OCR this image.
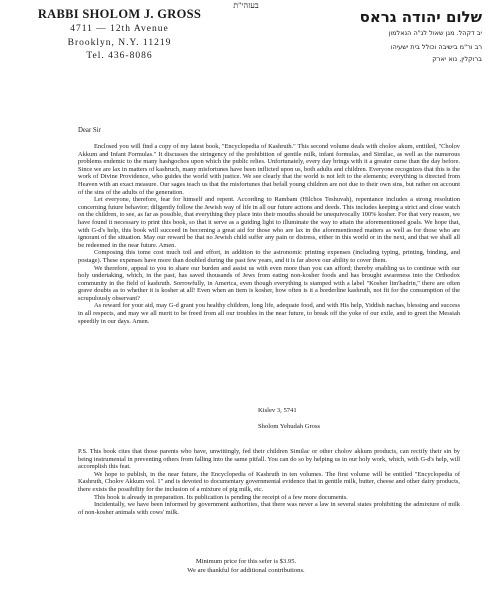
בעזהי"ת
RABBI SHOLOM J. GROSS
4711 — 12th Avenue
Brooklyn, N.Y. 11219
Tel. 436-8086
שלום יהודה גראס
יב דקהל. מגן שאול לג"ה הנאלמון
רב ור"מ בישיבה וכולל בית ישעיהו
ברוקלין, נוא יארק
Dear Sir

Enclosed you will find a copy of my latest book, "Encyclopedia of Kashruth." This second volume deals with cholov akum, entitled, "Cholov Akkum and Infant Formulas." It discusses the stringency of the prohibition of gentile milk, infant formulas, and Similac, as well as the numerous problems endemic to the many hashgochos upon which the public relies. Unfortunately, every day brings with it a greater curse than the day before. Since we are lax in matters of kashruch, many misfortunes have been inflicted upon us, both adults and children. Everyone recognizes that this is the work of Divine Providence, who guides the world with justice. We see clearly that the world is not left to the elements; everything is directed from Heaven with an exact measure. Our sages teach us that the misfortunes that befall young children are not due to their own sins, but rather on account of the sins of the adults of the generation.

Let everyone, therefore, fear for himself and repent. According to Rambam (Hilchos Teshuvah), repentance includes a strong resolution concerning future behavior; diligently follow the Jewish way of life in all our future actions and deeds. This includes keeping a strict and close watch on the children, to see, as far as possible, that everything they place into their mouths should be unequivocally 100% kosher. For that very reason, we have found it necessary to print this book, so that it serve as a guiding light to illuminate the way to attain the aforementioned goals. We hope that, with G-d's help, this book will succeed in becoming a great aid for those who are lax in the aforementioned matters as well as for those who are ignorant of the situation. May our reward be that no Jewish child suffer any pain or distress, either in this world or in the next, and that we shall all be redeemed in the near future. Amen.

Composing this tome cost much toil and effort, in addition to the astronomic printing expenses (including typing, printing, binding, and postage). These expenses have more than doubled during the past few years, and it is far above our ability to cover them.

We therefore, appeal to you to share our burden and assist us with even more than you can afford; thereby enabling us to continue with our holy undertaking, which, in the past, has saved thousands of Jews from eating non-kosher foods and has brought awareness into the Orthodox community in the field of kashruth. Sorrowfully, in America, even though everything is stamped with a label "Kosher lim'hadrin," there are often grave doubts as to whether it is kosher at all! Even when an item is kosher, how often is it a borderline kashruth, not fit for the consumption of the scrupulously observant?

As reward for your aid, may G-d grant you healthy children, long life, adequate food, and with His help, Yiddish nachas, blessing and success in all respects, and may we all merit to be freed from all our troubles in the near future, to break off the yoke of our exile, and to greet the Messiah speedily in our days. Amen.

Kislev 3, 5741
Sholom Yehudah Gross

P.S. This book cites that those parents who have, unwittingly, fed their children Similac or other cholov akkum products, can rectify their sin by being instrumental in preventing others from falling into the same pitfall. You can do so by helping us in our holy work, which, with G-d's help, will accomplish this feat.

We hope to publish, in the near future, the Encyclopedia of Kashruth in ten volumes. The first volume will be entitled "Encyclopedia of Kashruth, Cholov Akkum vol. 1" and is devoted to documentary governmental evidence that in gentile milk, butter, cheese and other dairy products, there exists the possibility for the inclusion of a mixture of pig milk, etc.

This book is already in preparation. Its publication is pending the receipt of a few more documents.

Incidentally, we have been informed by government authorities, that there was never a law in several states prohibiting the admixture of milk of non-kosher animals with cows' milk.

Minimum price for this sefer is $3.95.
We are thankful for additional contributions.
